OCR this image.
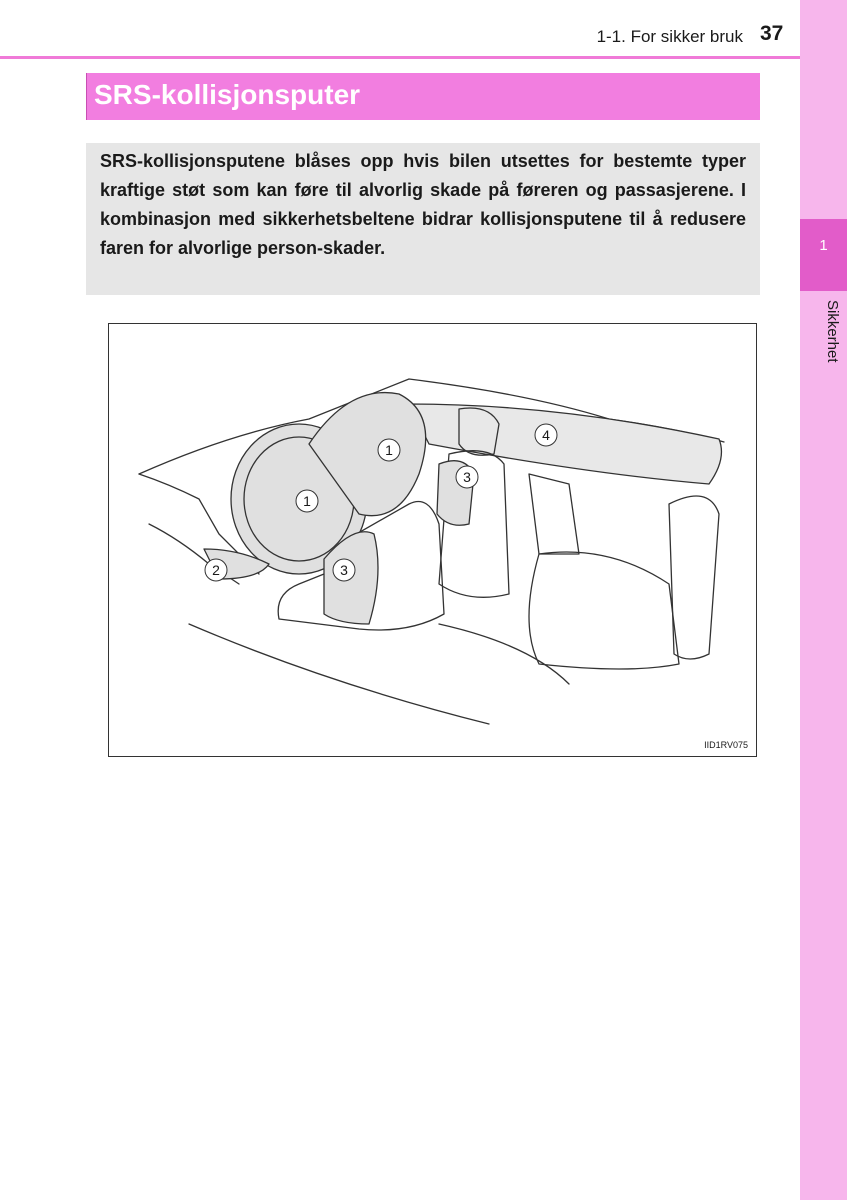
1-1. For sikker bruk 37
1
Sikkerhet
SRS-kollisjonsputer

SRS-kollisjonsputene blåses opp hvis bilen utsettes for bestemte typer kraftige støt som kan føre til alvorlig skade på føreren og passasjerene. I kombinasjon med sikkerhetsbeltene bidrar kollisjonsputene til å redusere faren for alvorlige person-skader.

1
1
2	3
3
4
IID1RV075
